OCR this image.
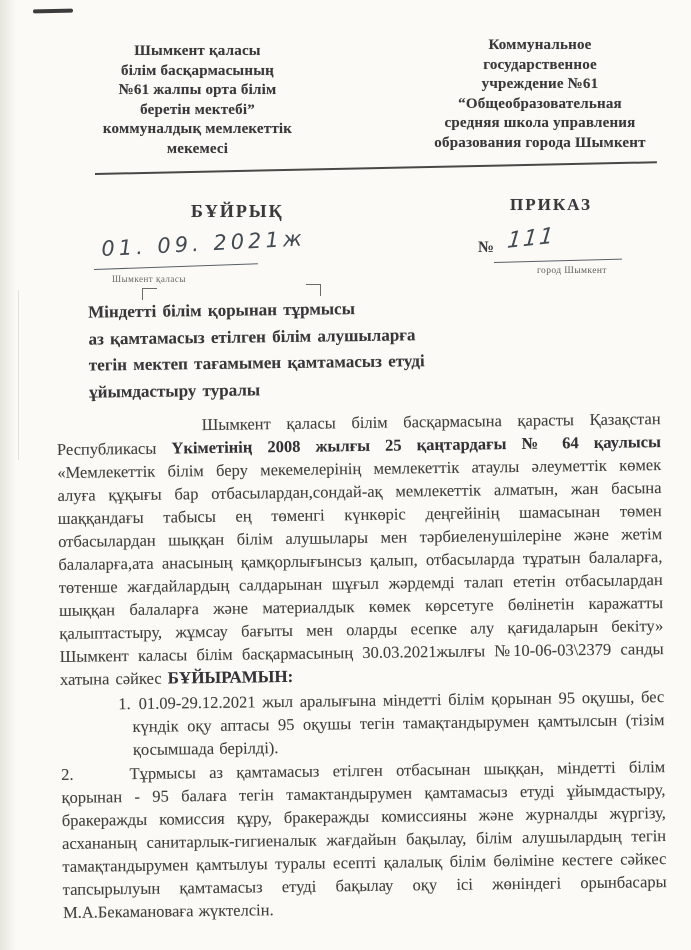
Шымкент қаласы
білім басқармасының
№61 жалпы орта білім
беретін мектебі”
коммуналдық мемлекеттік
мекемесі
Коммунальное
государственное
учреждение №61
“Общеобразовательная
средняя школа управления
образования города Шымкент
БҰЙРЫҚ	ПРИКАЗ
01. 09. 2021ж
Шымкент қаласы
№ 111
город Шымкент
Міндетті білім қорынан тұрмысы
аз қамтамасыз етілген білім алушыларға
тегін мектеп тағамымен қамтамасыз етуді
ұйымдастыру туралы

Шымкент қаласы білім басқармасына қарасты Қазақстан Республикасы Үкіметінің 2008 жылғы 25 қаңтардағы № 64 қаулысы «Мемлекеттік білім беру мекемелерінің мемлекеттік атаулы әлеуметтік көмек алуға құқығы бар отбасылардан,сондай-ақ мемлекеттік алматын, жан басына шаққандағы табысы ең төменгі күнкөріс деңгейінің шамасынан төмен отбасылардан шыққан білім алушылары мен тәрбиеленушілеріне және жетім балаларға,ата анасының қамқорлығынсыз қалып, отбасыларда тұратын балаларға, төтенше жағдайлардың салдарынан шұғыл жәрдемді талап ететін отбасылардан шыққан балаларға және материалдык көмек көрсетуге бөлінетін каражатты қалыптастыру, жұмсау бағыты мен оларды есепке алу қағидаларын бекіту» Шымкент каласы білім басқармасының 30.03.2021жылғы №10-06-03\2379 санды хатына сәйкес БҰЙЫРАМЫН:

1. 01.09-29.12.2021 жыл аралығына міндетті білім қорынан 95 оқушы, бес күндік оқу аптасы 95 оқушы тегін тамақтандырумен қамтылсын (тізім қосымшада берілді).

2.	Тұрмысы аз қамтамасыз етілген отбасынан шыққан, міндетті білім қорынан - 95 балаға тегін тамактандырумен қамтамасыз етуді ұйымдастыру, бракеражды комиссия құру, бракеражды комиссияны және журналды жүргізу, асхананың санитарлык-гигиеналык жағдайын бақылау, білім алушылардың тегін тамақтандырумен қамтылуы туралы есепті қалалық білім бөліміне кестеге сәйкес тапсырылуын қамтамасыз етуді бақылау оқу ісі жөніндегі орынбасары М.А.Бекамановаға жүктелсін.
